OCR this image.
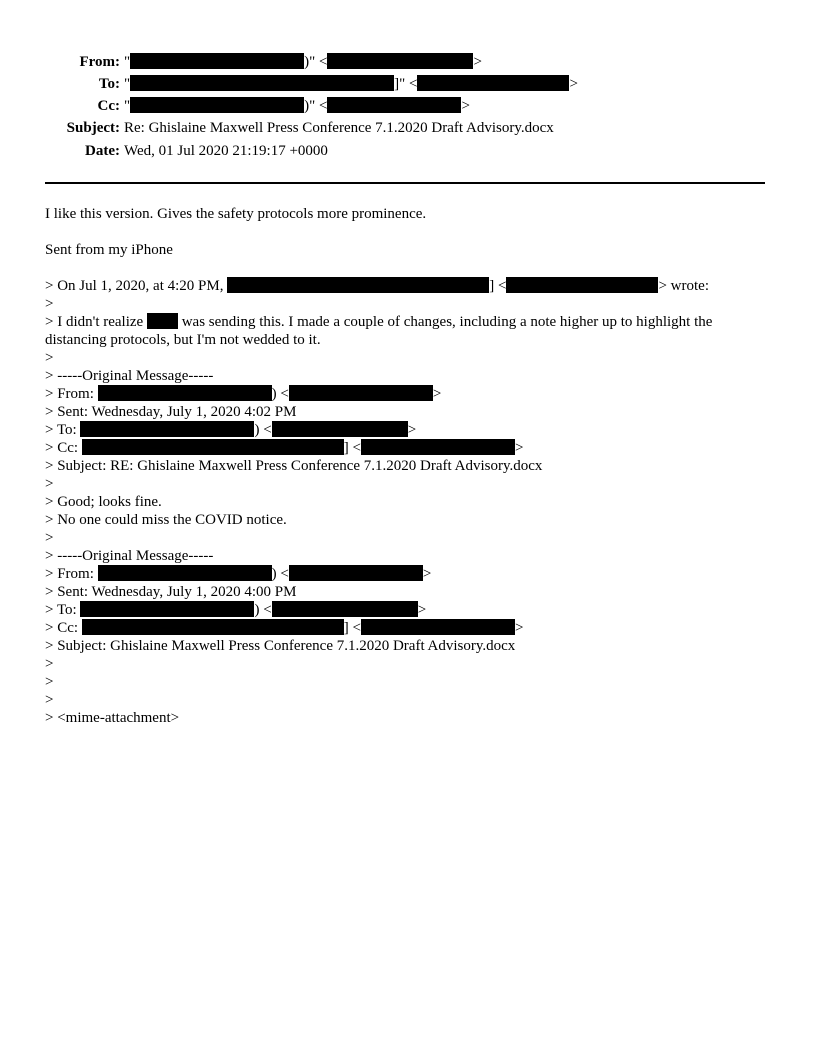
From: "	)" <	>
To: "	]" <	>
Cc: "	)" <	>
Subject: Re: Ghislaine Maxwell Press Conference 7.1.2020 Draft Advisory.docx
Date: Wed, 01 Jul 2020 21:19:17 +0000
I like this version. Gives the safety protocols more prominence.
Sent from my iPhone
> On Jul 1, 2020, at 4:20 PM,	] <	> wrote:
>
> I didn't realize	was sending this. I made a couple of changes, including a note higher up to highlight the distancing protocols, but I'm not wedded to it.
>
> -----Original Message-----
> From:	) <	>
> Sent: Wednesday, July 1, 2020 4:02 PM
> To:	) <	>
> Cc:	] <	>
> Subject: RE: Ghislaine Maxwell Press Conference 7.1.2020 Draft Advisory.docx
>
> Good; looks fine.
> No one could miss the COVID notice.
>
> -----Original Message-----
> From:	) <	>
> Sent: Wednesday, July 1, 2020 4:00 PM
> To:	) <	>
> Cc:	] <	>
> Subject: Ghislaine Maxwell Press Conference 7.1.2020 Draft Advisory.docx
>
>
>
> <mime-attachment>
